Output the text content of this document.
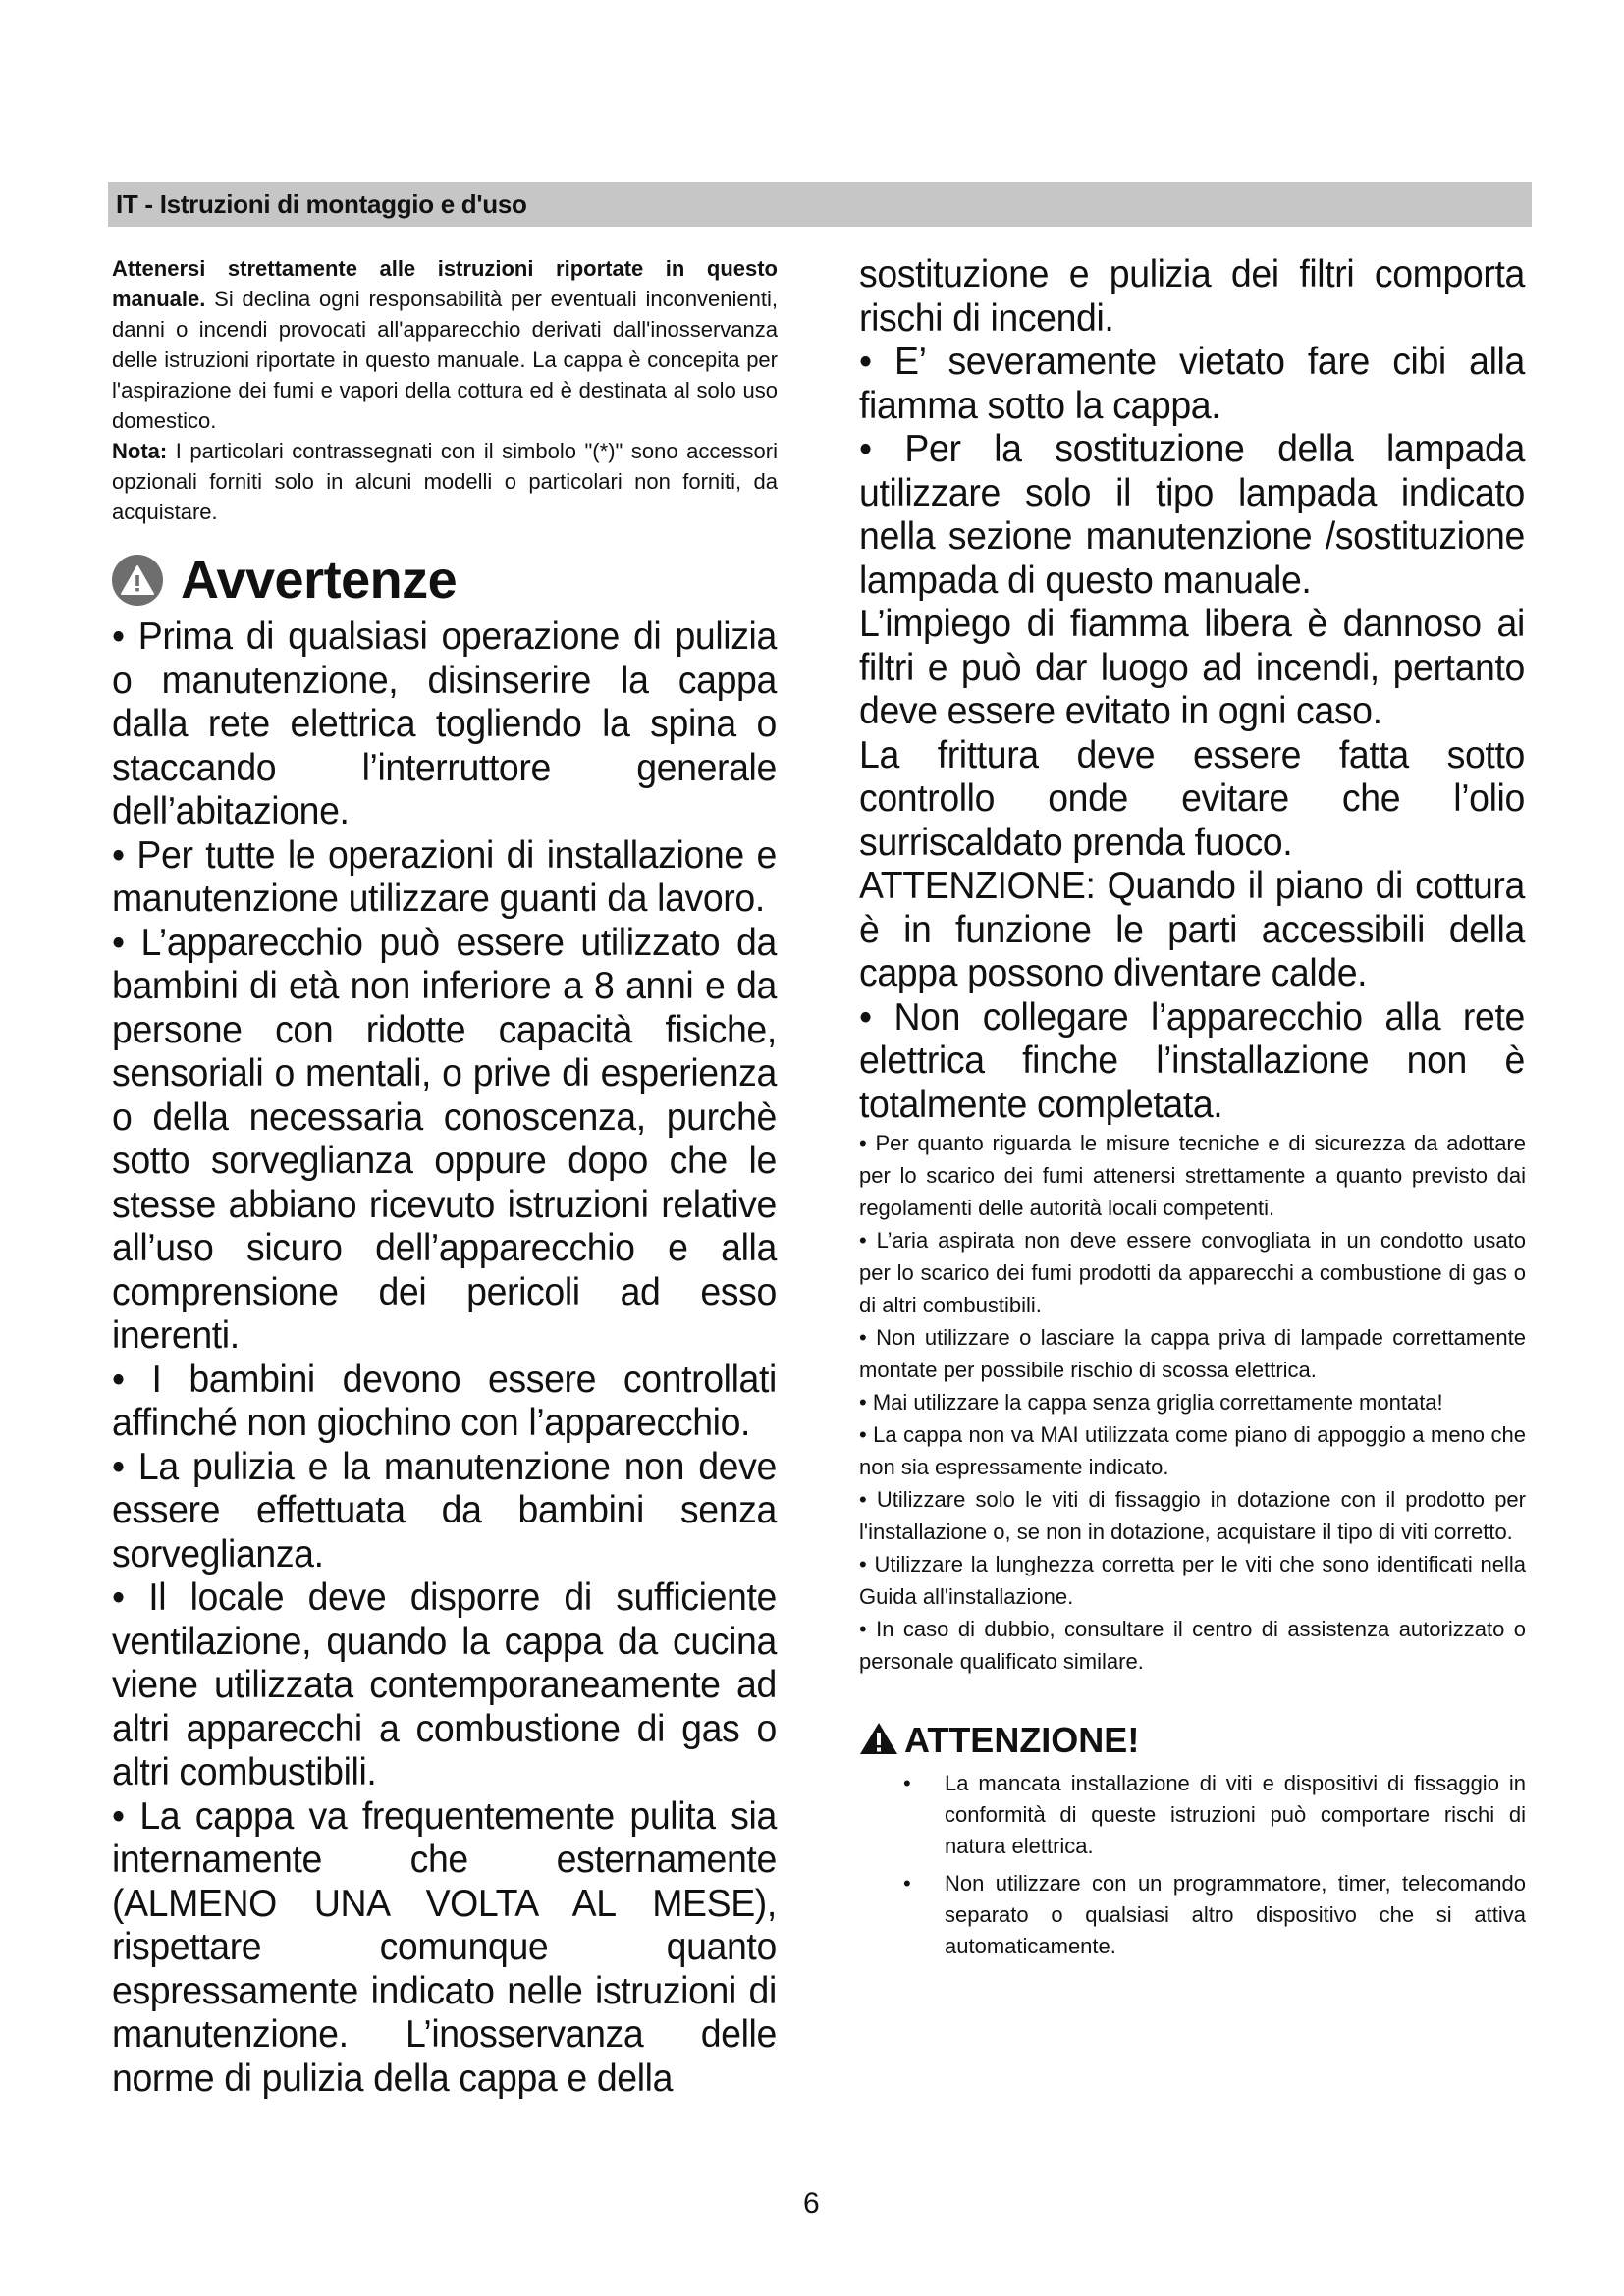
IT - Istruzioni di montaggio e d'uso

Attenersi strettamente alle istruzioni riportate in questo manuale. Si declina ogni responsabilità per eventuali inconvenienti, danni o incendi provocati all'apparecchio derivati dall'inosservanza delle istruzioni riportate in questo manuale. La cappa è concepita per l'aspirazione dei fumi e vapori della cottura ed è destinata al solo uso domestico.

Nota: I particolari contrassegnati con il simbolo "(*)" sono accessori opzionali forniti solo in alcuni modelli o particolari non forniti, da acquistare.

Avvertenze

• Prima di qualsiasi operazione di pulizia o manutenzione, disinserire la cappa dalla rete elettrica togliendo la spina o staccando l’interruttore generale dell’abitazione.

• Per tutte le operazioni di installazione e manutenzione utilizzare guanti da lavoro.

• L’apparecchio può essere utilizzato da bambini di età non inferiore a 8 anni e da persone con ridotte capacità fisiche, sensoriali o mentali, o prive di esperienza o della necessaria conoscenza, purchè sotto sorveglianza oppure dopo che le stesse abbiano ricevuto istruzioni relative all’uso sicuro dell’apparecchio e alla comprensione dei pericoli ad esso inerenti.

• I bambini devono essere controllati affinché non giochino con l’apparecchio.

• La pulizia e la manutenzione non deve essere effettuata da bambini senza sorveglianza.

• Il locale deve disporre di sufficiente ventilazione, quando la cappa da cucina viene utilizzata contemporaneamente ad altri apparecchi a combustione di gas o altri combustibili.

• La cappa va frequentemente pulita sia internamente che esternamente (ALMENO UNA VOLTA AL MESE), rispettare comunque quanto espressamente indicato nelle istruzioni di manutenzione. L’inosservanza delle norme di pulizia della cappa e della

sostituzione e pulizia dei filtri comporta rischi di incendi.

• E’ severamente vietato fare cibi alla fiamma sotto la cappa.

• Per la sostituzione della lampada utilizzare solo il tipo lampada indicato nella sezione manutenzione /sostituzione lampada di questo manuale.

L’impiego di fiamma libera è dannoso ai filtri e può dar luogo ad incendi, pertanto deve essere evitato in ogni caso.

La frittura deve essere fatta sotto controllo onde evitare che l’olio surriscaldato prenda fuoco.

ATTENZIONE: Quando il piano di cottura è in funzione le parti accessibili della cappa possono diventare calde.

• Non collegare l’apparecchio alla rete elettrica finche l’installazione non è totalmente completata.

• Per quanto riguarda le misure tecniche e di sicurezza da adottare per lo scarico dei fumi attenersi strettamente a quanto previsto dai regolamenti delle autorità locali competenti.

• L’aria aspirata non deve essere convogliata in un condotto usato per lo scarico dei fumi prodotti da apparecchi a combustione di gas o di altri combustibili.

• Non utilizzare o lasciare la cappa priva di lampade correttamente montate per possibile rischio di scossa elettrica.

• Mai utilizzare la cappa senza griglia correttamente montata!

• La cappa non va MAI utilizzata come piano di appoggio a meno che non sia espressamente indicato.

• Utilizzare solo le viti di fissaggio in dotazione con il prodotto per l'installazione o, se non in dotazione, acquistare il tipo di viti corretto.

• Utilizzare la lunghezza corretta per le viti che sono identificati nella Guida all'installazione.

• In caso di dubbio, consultare il centro di assistenza autorizzato o personale qualificato similare.

ATTENZIONE!
• La mancata installazione di viti e dispositivi di fissaggio in conformità di queste istruzioni può comportare rischi di natura elettrica.
• Non utilizzare con un programmatore, timer, telecomando separato o qualsiasi altro dispositivo che si attiva automaticamente.
6
